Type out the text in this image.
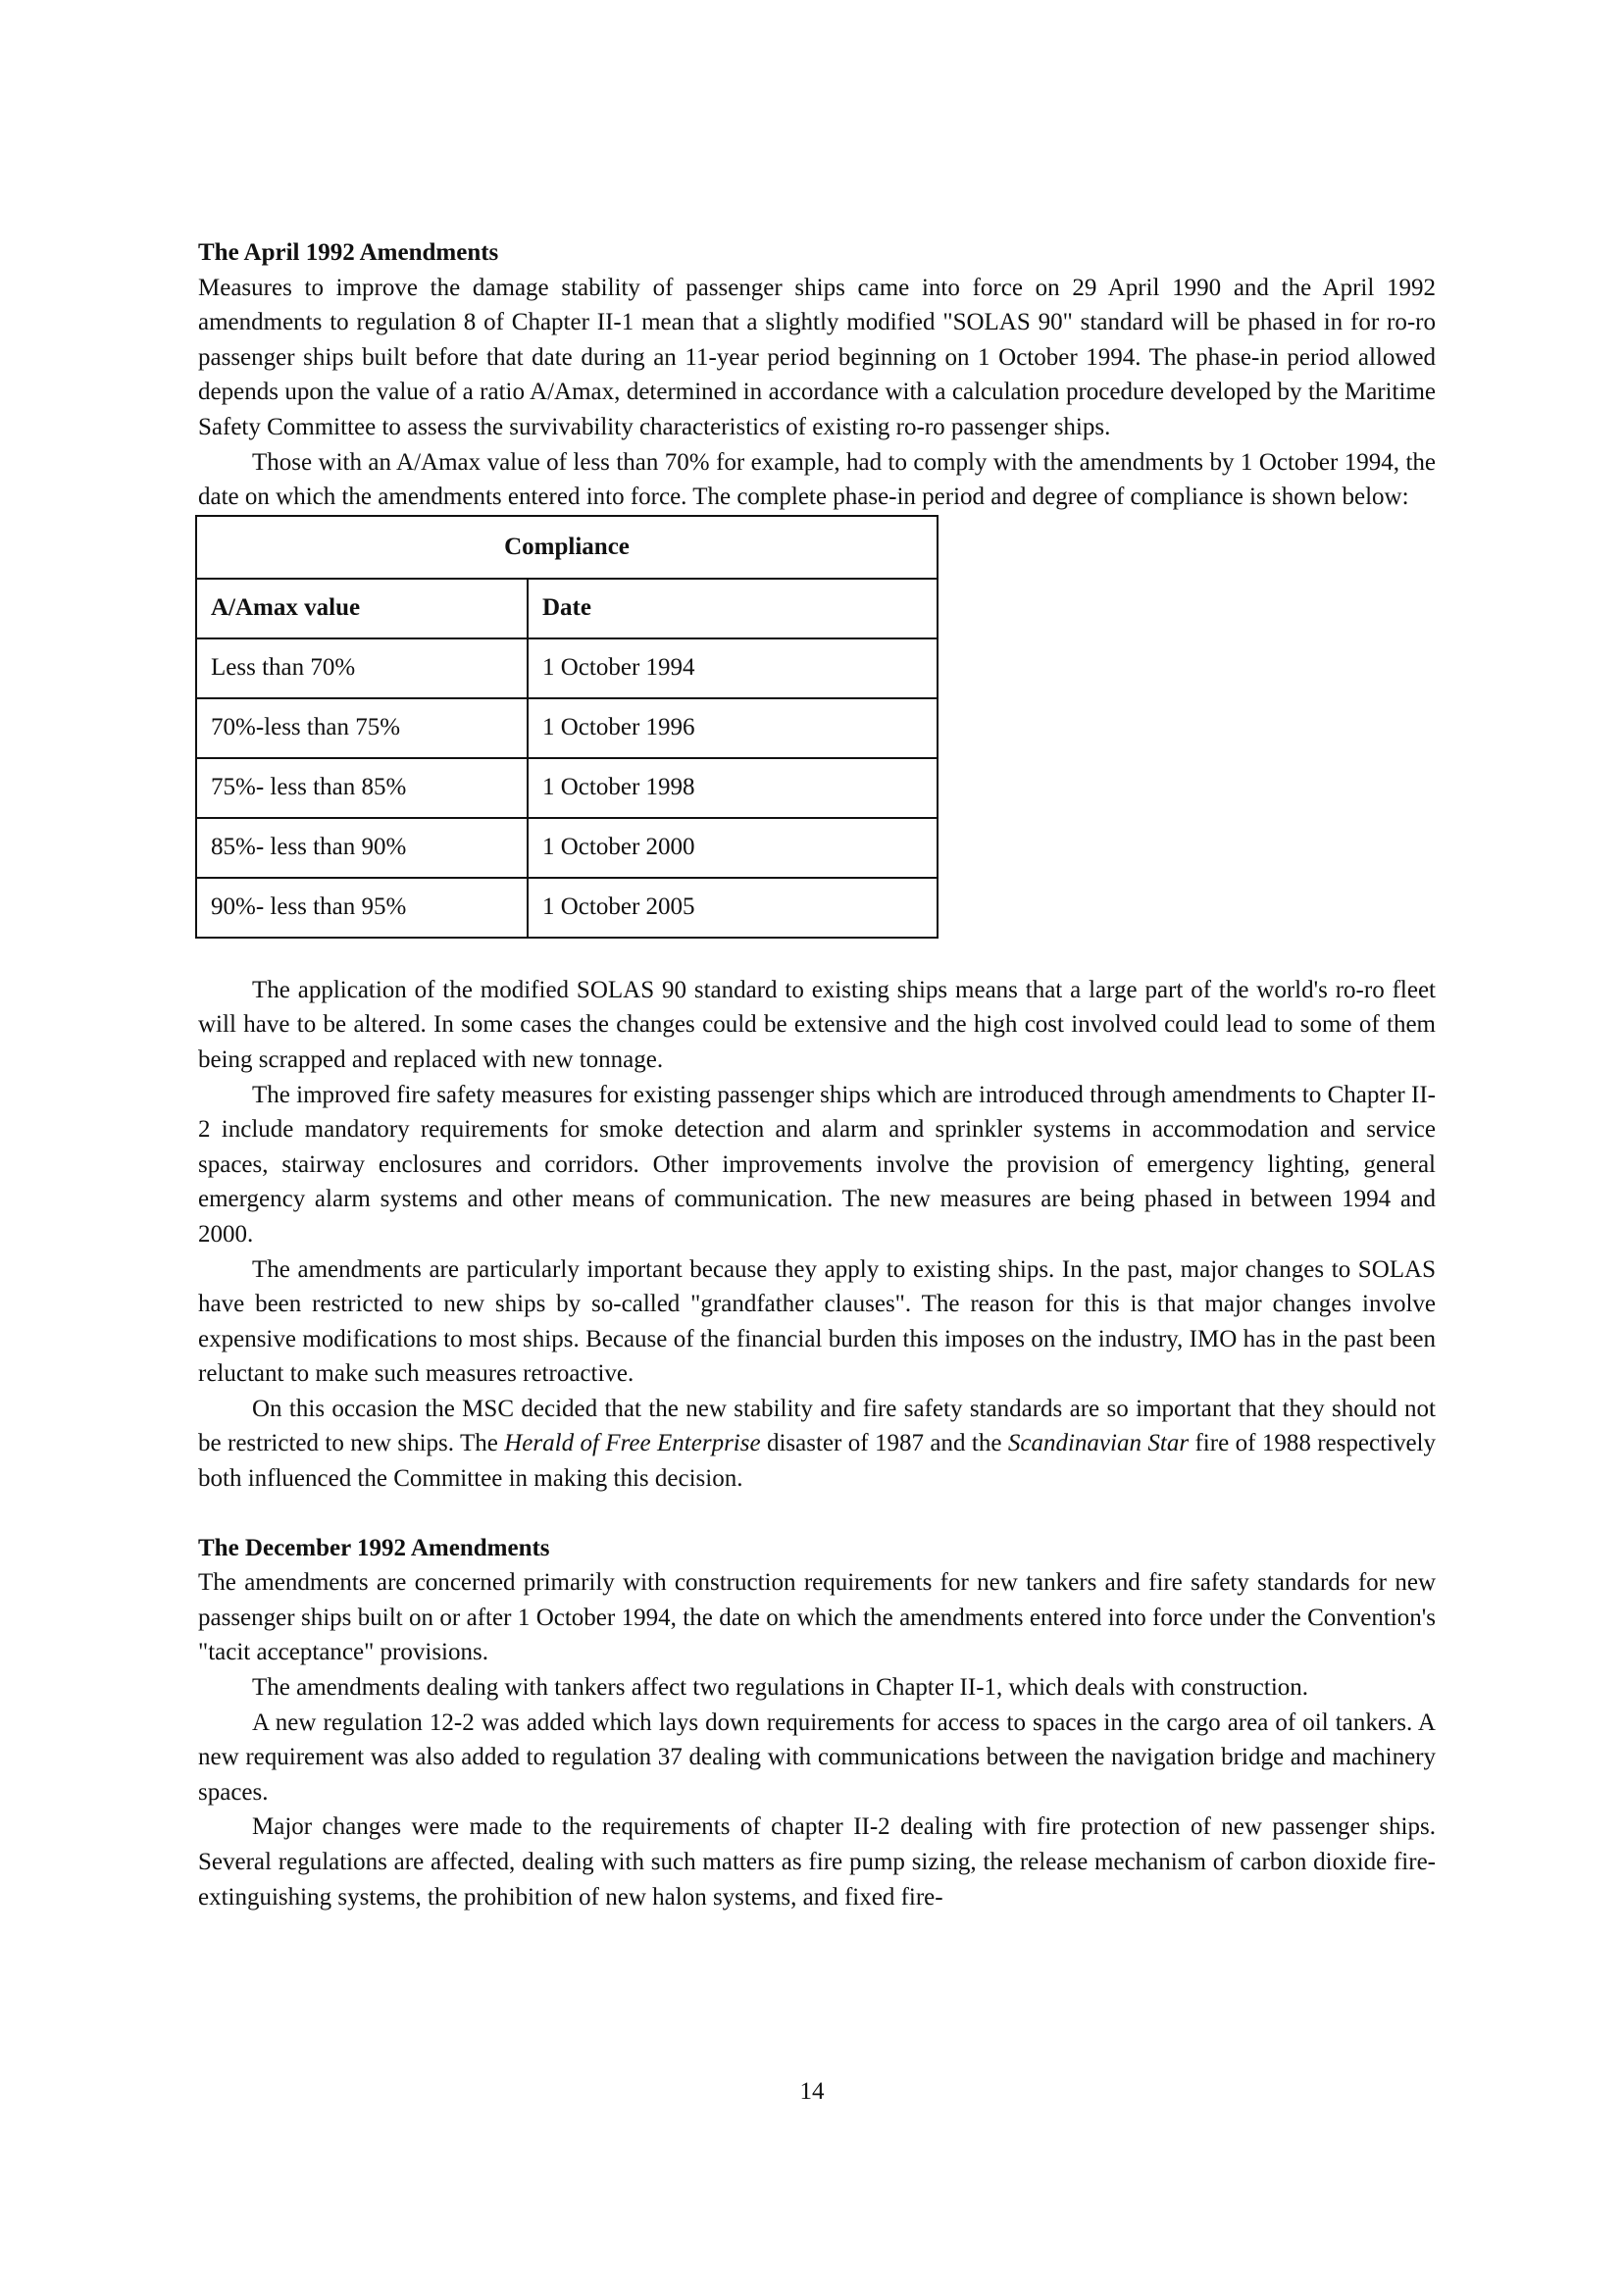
The April 1992 Amendments

Measures to improve the damage stability of passenger ships came into force on 29 April 1990 and the April 1992 amendments to regulation 8 of Chapter II-1 mean that a slightly modified "SOLAS 90" standard will be phased in for ro-ro passenger ships built before that date during an 11-year period beginning on 1 October 1994. The phase-in period allowed depends upon the value of a ratio A/Amax, determined in accordance with a calculation procedure developed by the Maritime Safety Committee to assess the survivability characteristics of existing ro-ro passenger ships.

Those with an A/Amax value of less than 70% for example, had to comply with the amendments by 1 October 1994, the date on which the amendments entered into force. The complete phase-in period and degree of compliance is shown below:

Compliance	
A/Amax value	Date
Less than 70%	1 October 1994
70%-less than 75%	1 October 1996
75%- less than 85%	1 October 1998
85%- less than 90%	1 October 2000
90%- less than 95%	1 October 2005

The application of the modified SOLAS 90 standard to existing ships means that a large part of the world's ro-ro fleet will have to be altered. In some cases the changes could be extensive and the high cost involved could lead to some of them being scrapped and replaced with new tonnage.

The improved fire safety measures for existing passenger ships which are introduced through amendments to Chapter II-2 include mandatory requirements for smoke detection and alarm and sprinkler systems in accommodation and service spaces, stairway enclosures and corridors. Other improvements involve the provision of emergency lighting, general emergency alarm systems and other means of communication. The new measures are being phased in between 1994 and 2000.

The amendments are particularly important because they apply to existing ships. In the past, major changes to SOLAS have been restricted to new ships by so-called "grandfather clauses". The reason for this is that major changes involve expensive modifications to most ships. Because of the financial burden this imposes on the industry, IMO has in the past been reluctant to make such measures retroactive.

On this occasion the MSC decided that the new stability and fire safety standards are so important that they should not be restricted to new ships. The Herald of Free Enterprise disaster of 1987 and the Scandinavian Star fire of 1988 respectively both influenced the Committee in making this decision.

The December 1992 Amendments

The amendments are concerned primarily with construction requirements for new tankers and fire safety standards for new passenger ships built on or after 1 October 1994, the date on which the amendments entered into force under the Convention's "tacit acceptance" provisions.

The amendments dealing with tankers affect two regulations in Chapter II-1, which deals with construction.

A new regulation 12-2 was added which lays down requirements for access to spaces in the cargo area of oil tankers. A new requirement was also added to regulation 37 dealing with communications between the navigation bridge and machinery spaces.

Major changes were made to the requirements of chapter II-2 dealing with fire protection of new passenger ships. Several regulations are affected, dealing with such matters as fire pump sizing, the release mechanism of carbon dioxide fire-extinguishing systems, the prohibition of new halon systems, and fixed fire-

14
